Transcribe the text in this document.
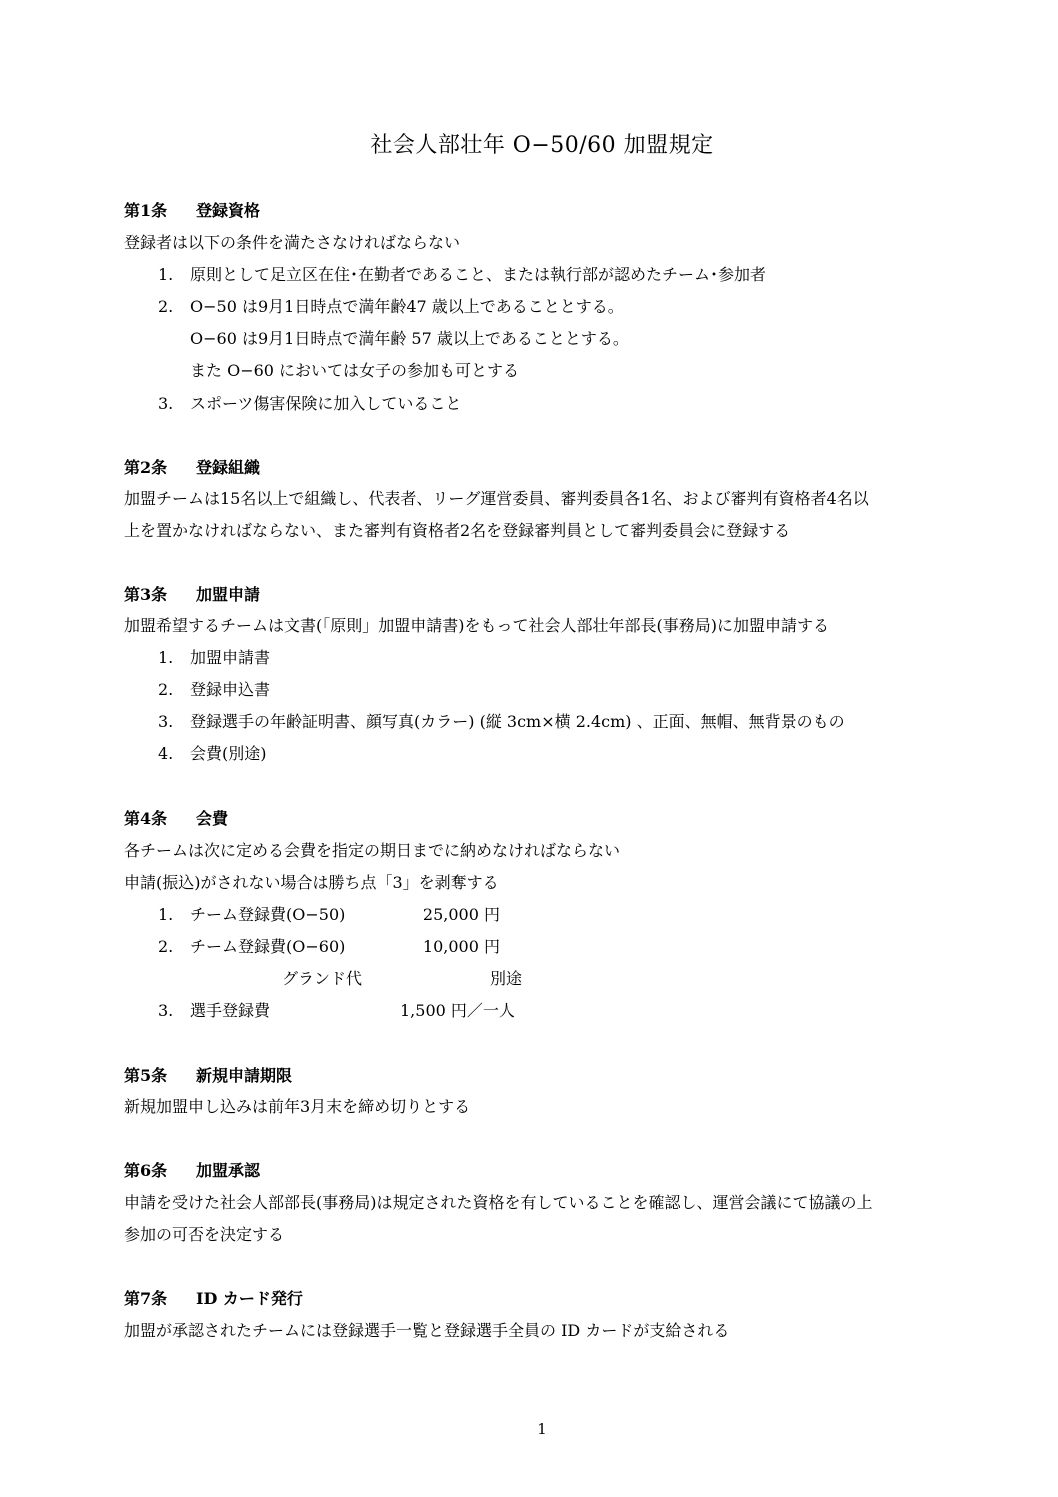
社会人部壮年 O−50/60 加盟規定
第1条 登録資格
登録者は以下の条件を満たさなければならない
1. 原則として足立区在住･在勤者であること、または執行部が認めたチーム･参加者
2. O−50 は9月1日時点で満年齢47 歳以上であることとする。
O−60 は9月1日時点で満年齢 57 歳以上であることとする。
また O−60 においては女子の参加も可とする
3. スポーツ傷害保険に加入していること
第2条 登録組織
加盟チームは15名以上で組織し、代表者、リーグ運営委員、審判委員各1名、および審判有資格者4名以
上を置かなければならない、また審判有資格者2名を登録審判員として審判委員会に登録する
第3条 加盟申請
加盟希望するチームは文書(「原則」加盟申請書)をもって社会人部壮年部長(事務局)に加盟申請する
1. 加盟申請書
2. 登録申込書
3. 登録選手の年齢証明書、顔写真(カラー) (縦 3cm×横 2.4cm) 、正面、無帽、無背景のもの
4. 会費(別途)
第4条 会費
各チームは次に定める会費を指定の期日までに納めなければならない
申請(振込)がされない場合は勝ち点「3」を剥奪する
1. チーム登録費(O−50)	25,000 円
2. チーム登録費(O−60)	10,000 円
グランド代	別途
3. 選手登録費	1,500 円／一人
第5条 新規申請期限
新規加盟申し込みは前年3月末を締め切りとする
第6条 加盟承認
申請を受けた社会人部部長(事務局)は規定された資格を有していることを確認し、運営会議にて協議の上
参加の可否を決定する
第7条 ID カード発行
加盟が承認されたチームには登録選手一覧と登録選手全員の ID カードが支給される
1
